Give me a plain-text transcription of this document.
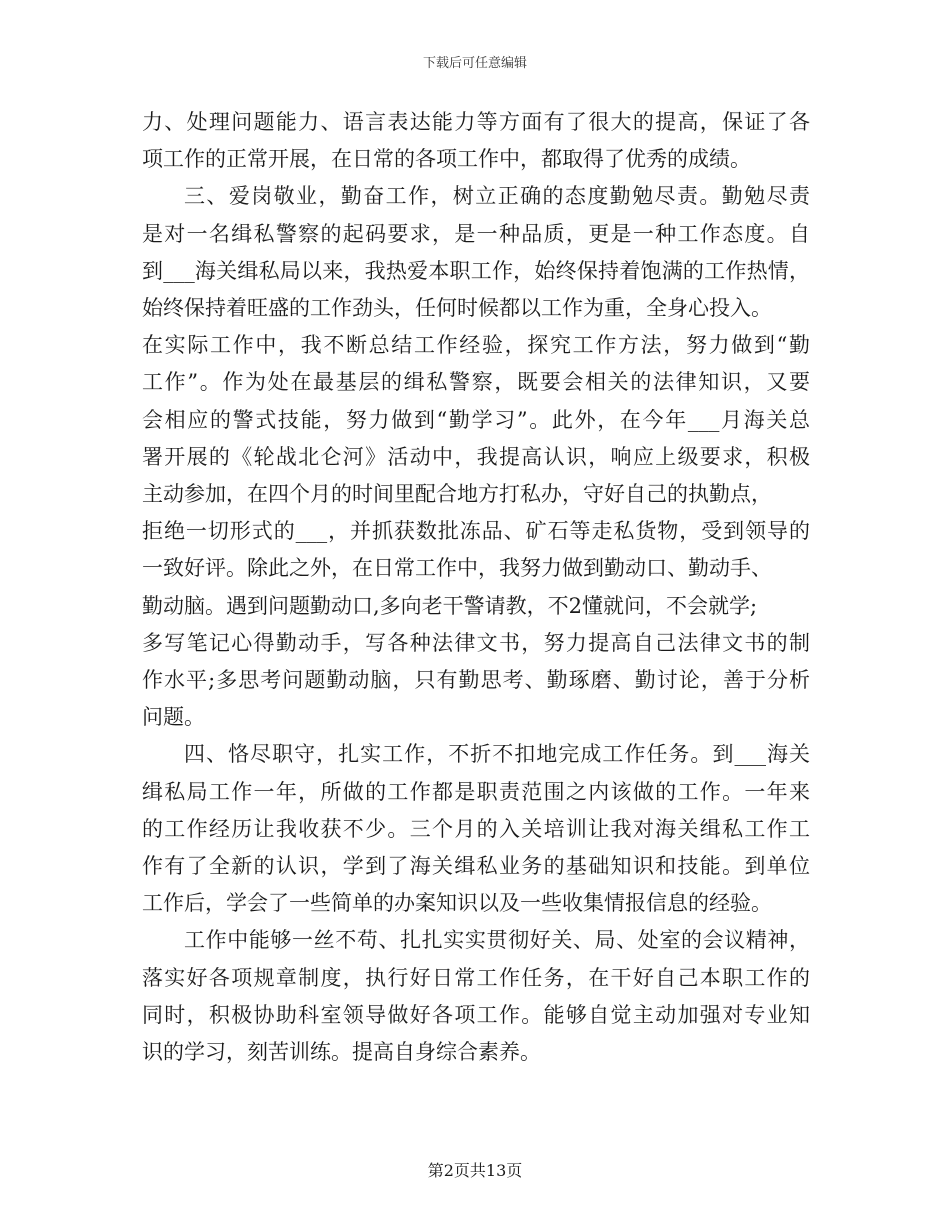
下载后可任意编辑
力、处理问题能力、语言表达能力等方面有了很大的提高，保证了各
项工作的正常开展，在日常的各项工作中，都取得了优秀的成绩。
三、爱岗敬业，勤奋工作，树立正确的态度勤勉尽责。勤勉尽责
是对一名缉私警察的起码要求，是一种品质，更是一种工作态度。自
到___海关缉私局以来，我热爱本职工作，始终保持着饱满的工作热情，
始终保持着旺盛的工作劲头，任何时候都以工作为重，全身心投入。
在实际工作中，我不断总结工作经验，探究工作方法，努力做到“勤
工作”。作为处在最基层的缉私警察，既要会相关的法律知识，又要
会相应的警式技能，努力做到“勤学习”。此外，在今年___月海关总
署开展的《轮战北仑河》活动中，我提高认识，响应上级要求，积极
主动参加，在四个月的时间里配合地方打私办，守好自己的执勤点，
拒绝一切形式的___，并抓获数批冻品、矿石等走私货物，受到领导的
一致好评。除此之外，在日常工作中，我努力做到勤动口、勤动手、
勤动脑。遇到问题勤动口,多向老干警请教，不2懂就问，不会就学;
多写笔记心得勤动手，写各种法律文书，努力提高自己法律文书的制
作水平;多思考问题勤动脑，只有勤思考、勤琢磨、勤讨论，善于分析
问题。
四、恪尽职守，扎实工作，不折不扣地完成工作任务。到___海关
缉私局工作一年，所做的工作都是职责范围之内该做的工作。一年来
的工作经历让我收获不少。三个月的入关培训让我对海关缉私工作工
作有了全新的认识，学到了海关缉私业务的基础知识和技能。到单位
工作后，学会了一些简单的办案知识以及一些收集情报信息的经验。
工作中能够一丝不苟、扎扎实实贯彻好关、局、处室的会议精神，
落实好各项规章制度，执行好日常工作任务，在干好自己本职工作的
同时，积极协助科室领导做好各项工作。能够自觉主动加强对专业知
识的学习，刻苦训练。提高自身综合素养。
第2页共13页
